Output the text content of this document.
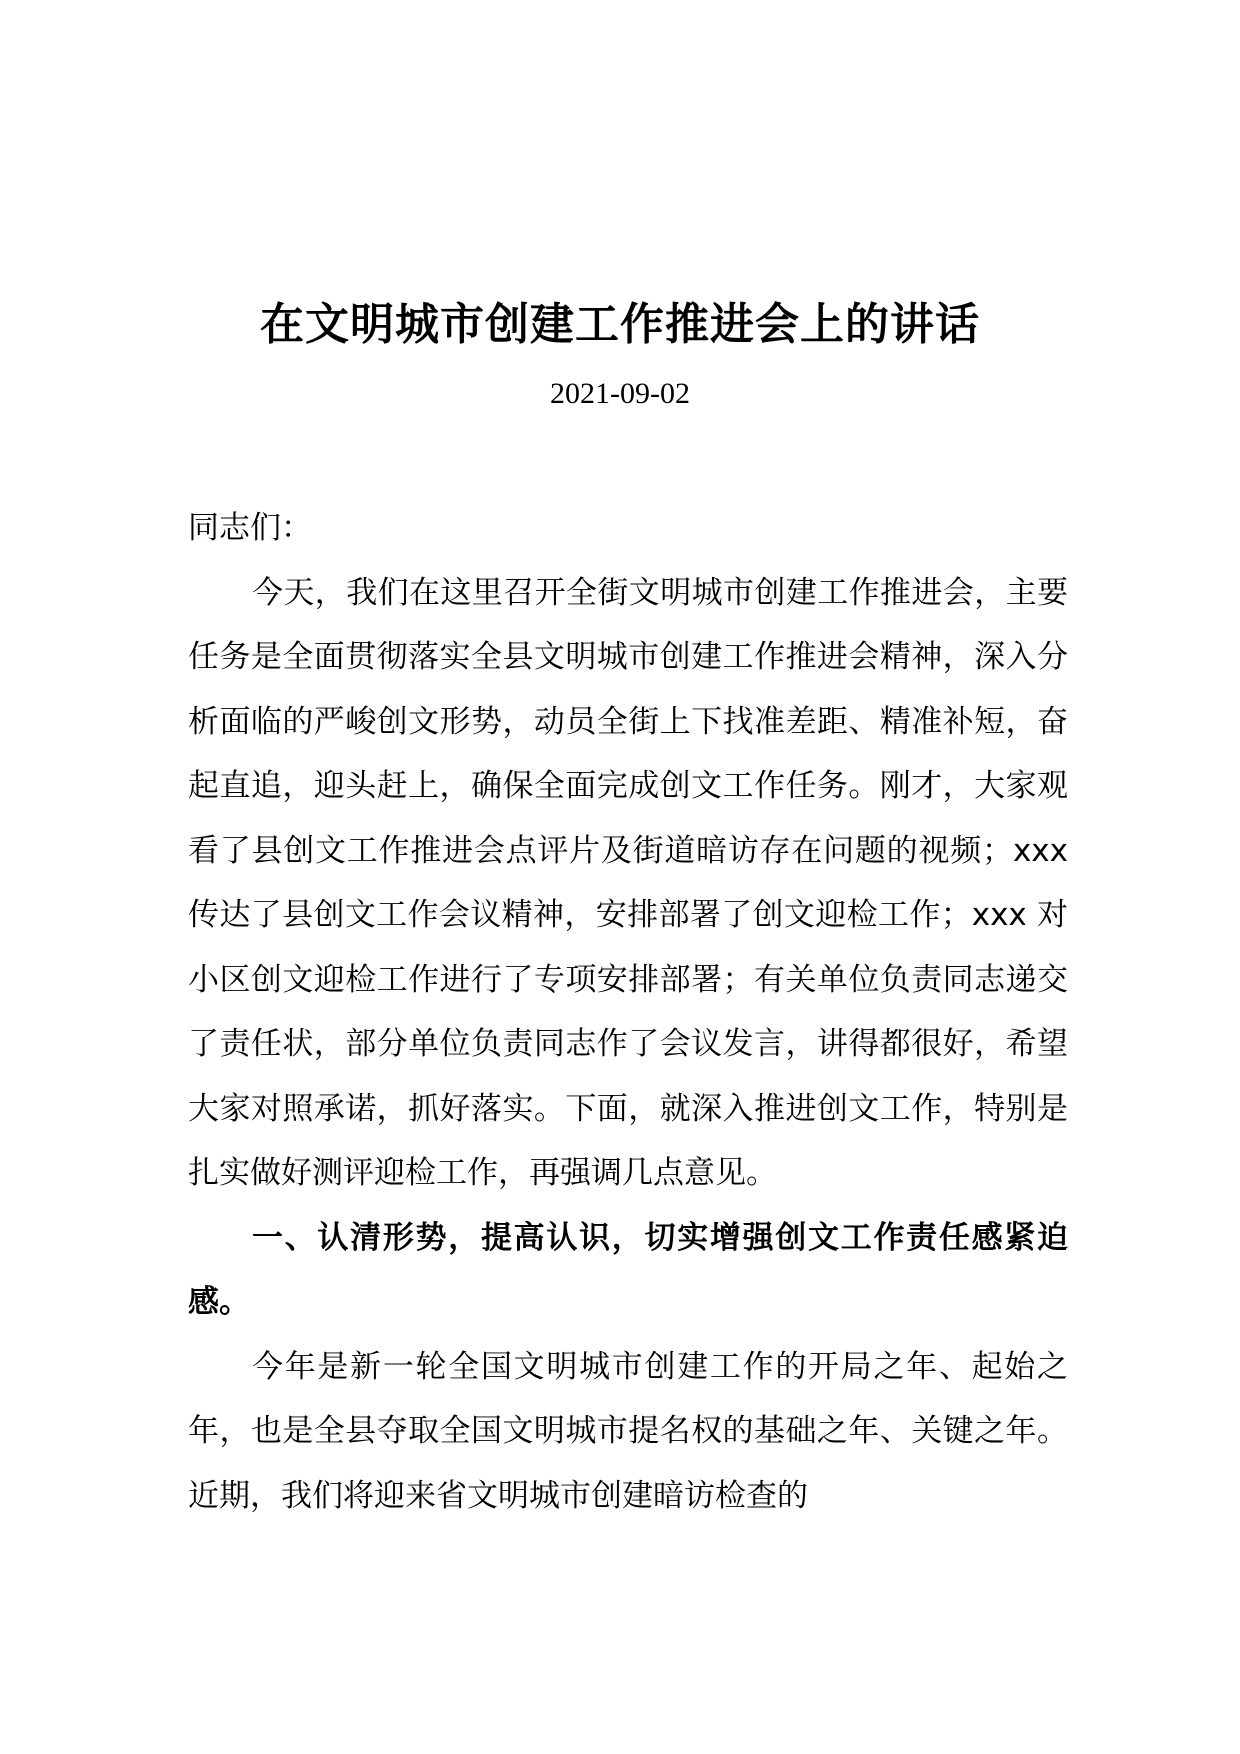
在文明城市创建工作推进会上的讲话
2021-09-02

同志们：

今天，我们在这里召开全街文明城市创建工作推进会，主要任务是全面贯彻落实全县文明城市创建工作推进会精神，深入分析面临的严峻创文形势，动员全街上下找准差距、精准补短，奋起直追，迎头赶上，确保全面完成创文工作任务。刚才，大家观看了县创文工作推进会点评片及街道暗访存在问题的视频；xxx 传达了县创文工作会议精神，安排部署了创文迎检工作；xxx 对小区创文迎检工作进行了专项安排部署；有关单位负责同志递交了责任状，部分单位负责同志作了会议发言，讲得都很好，希望大家对照承诺，抓好落实。下面，就深入推进创文工作，特别是扎实做好测评迎检工作，再强调几点意见。

一、认清形势，提高认识，切实增强创文工作责任感紧迫感。

今年是新一轮全国文明城市创建工作的开局之年、起始之年，也是全县夺取全国文明城市提名权的基础之年、关键之年。近期，我们将迎来省文明城市创建暗访检查的
